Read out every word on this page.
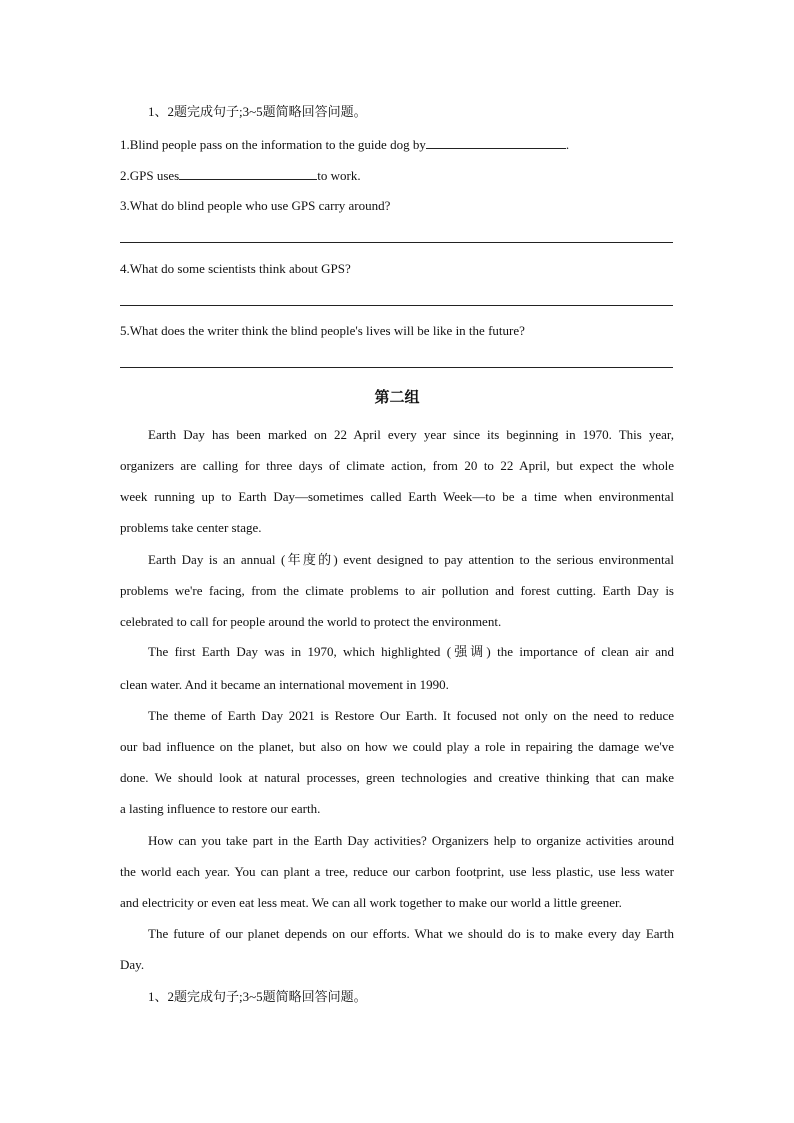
1、2题完成句子;3~5题简略回答问题。
1.Blind people pass on the information to the guide dog by	.
2.GPS uses	to work.
3.What do blind people who use GPS carry around?
4.What do some scientists think about GPS?
5.What does the writer think the blind people's lives will be like in the future?
第二组
Earth Day has been marked on 22 April every year since its beginning in 1970. This year,
organizers are calling for three days of climate action, from 20 to 22 April, but expect the whole
week running up to Earth Day—sometimes called Earth Week—to be a time when environmental
problems take center stage.
Earth Day is an annual (年度的) event designed to pay attention to the serious environmental
problems we're facing, from the climate problems to air pollution and forest cutting. Earth Day is
celebrated to call for people around the world to protect the environment.
The first Earth Day was in 1970, which highlighted (强调) the importance of clean air and
clean water. And it became an international movement in 1990.
The theme of Earth Day 2021 is Restore Our Earth. It focused not only on the need to reduce
our bad influence on the planet, but also on how we could play a role in repairing the damage we've
done. We should look at natural processes, green technologies and creative thinking that can make
a lasting influence to restore our earth.
How can you take part in the Earth Day activities? Organizers help to organize activities around
the world each year. You can plant a tree, reduce our carbon footprint, use less plastic, use less water
and electricity or even eat less meat. We can all work together to make our world a little greener.
The future of our planet depends on our efforts. What we should do is to make every day Earth
Day.
1、2题完成句子;3~5题简略回答问题。
